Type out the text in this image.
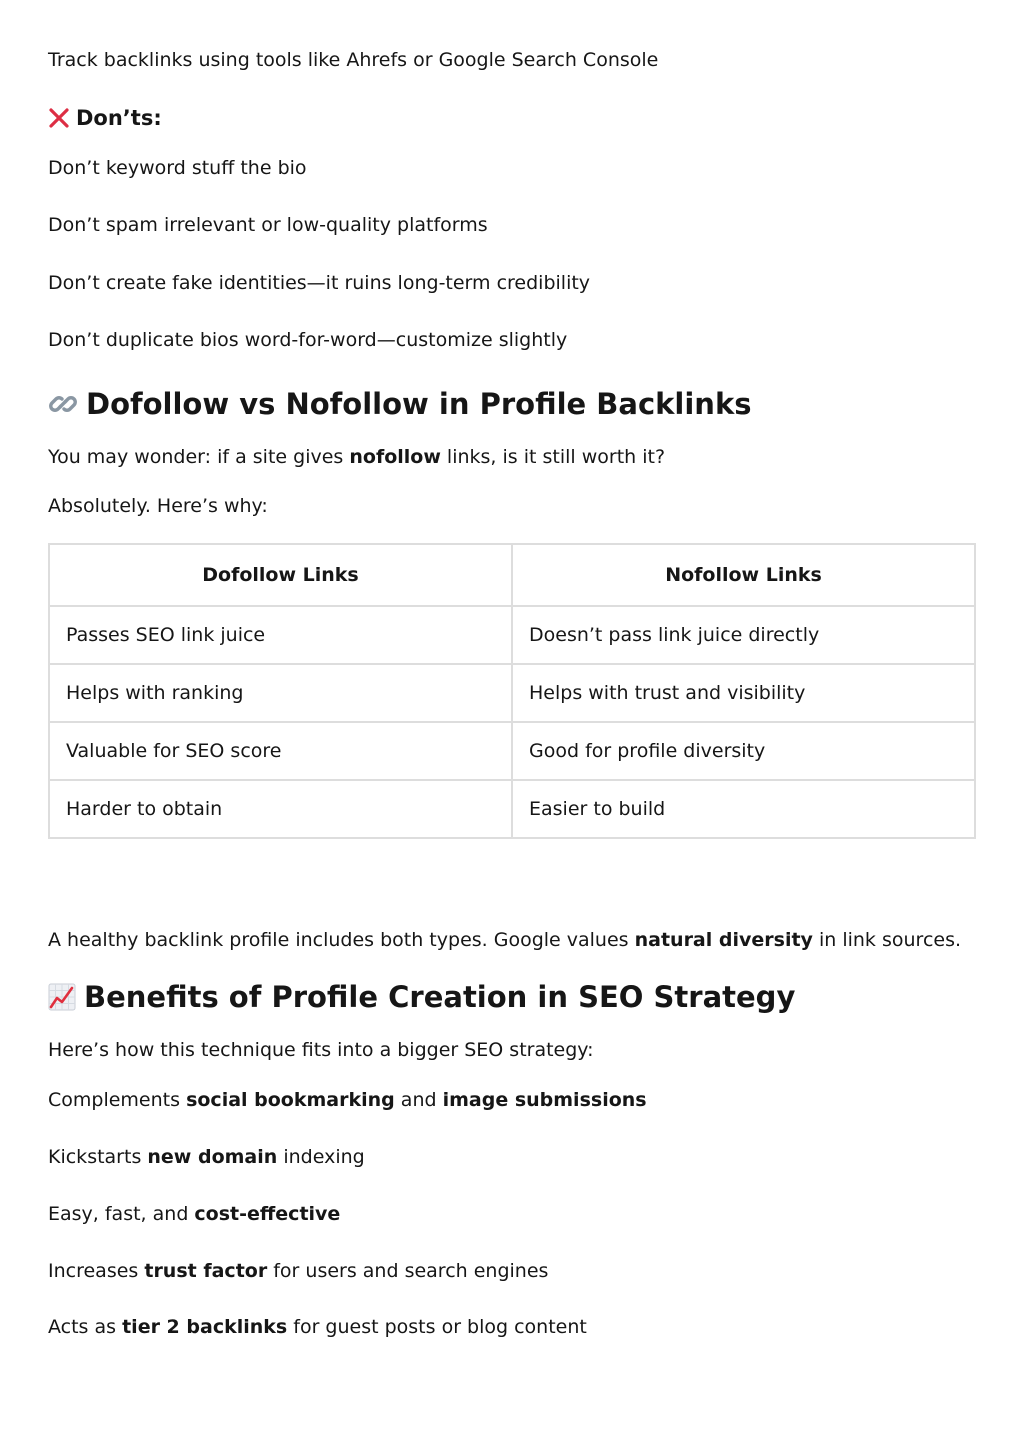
Track backlinks using tools like Ahrefs or Google Search Console

Don’ts:

Don’t keyword stuff the bio

Don’t spam irrelevant or low-quality platforms

Don’t create fake identities—it ruins long-term credibility

Don’t duplicate bios word-for-word—customize slightly

Dofollow vs Nofollow in Profile Backlinks

You may wonder: if a site gives nofollow links, is it still worth it?

Absolutely. Here’s why:

Dofollow Links	Nofollow Links
Passes SEO link juice	Doesn’t pass link juice directly
Helps with ranking	Helps with trust and visibility
Valuable for SEO score	Good for profile diversity
Harder to obtain	Easier to build

A healthy backlink profile includes both types. Google values natural diversity in link sources.

Benefits of Profile Creation in SEO Strategy

Here’s how this technique fits into a bigger SEO strategy:

Complements social bookmarking and image submissions

Kickstarts new domain indexing

Easy, fast, and cost-effective

Increases trust factor for users and search engines

Acts as tier 2 backlinks for guest posts or blog content
